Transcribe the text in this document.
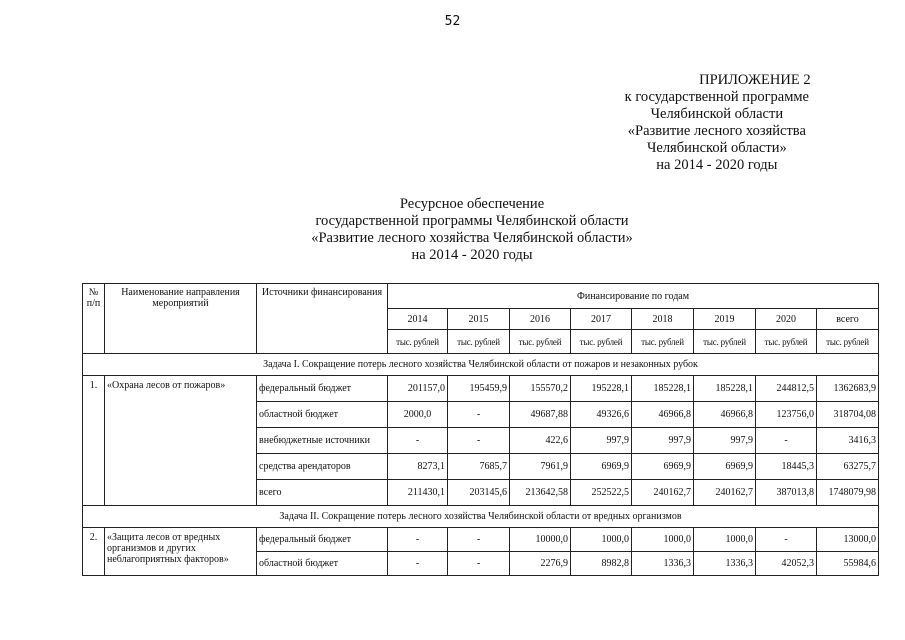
52
ПРИЛОЖЕНИЕ 2
к государственной программе
Челябинской области
«Развитие лесного хозяйства
Челябинской области»
на 2014 - 2020 годы
Ресурсное обеспечение
государственной программы Челябинской области
«Развитие лесного хозяйства Челябинской области»
на 2014 - 2020 годы
№ п/п	Наименование направления мероприятий	Источники финансирования	Финансирование по годам							
			2014	2015	2016	2017	2018	2019	2020	всего
			тыс. рублей	тыс. рублей	тыс. рублей	тыс. рублей	тыс. рублей	тыс. рублей	тыс. рублей	тыс. рублей
Задача I. Сокращение потерь лесного хозяйства Челябинской области от пожаров и незаконных рубок										
1.	«Охрана лесов от пожаров»	федеральный бюджет	201157,0	195459,9	155570,2	195228,1	185228,1	185228,1	244812,5	1362683,9
		областной бюджет	2000,0	-	49687,88	49326,6	46966,8	46966,8	123756,0	318704,08
		внебюджетные источники	-	-	422,6	997,9	997,9	997,9	-	3416,3
		средства арендаторов	8273,1	7685,7	7961,9	6969,9	6969,9	6969,9	18445,3	63275,7
		всего	211430,1	203145,6	213642,58	252522,5	240162,7	240162,7	387013,8	1748079,98
Задача II. Сокращение потерь лесного хозяйства Челябинской области от вредных организмов										
2.	«Защита лесов от вредных организмов и других неблагоприятных факторов»	федеральный бюджет	-	-	10000,0	1000,0	1000,0	1000,0	-	13000,0
		областной бюджет	-	-	2276,9	8982,8	1336,3	1336,3	42052,3	55984,6
